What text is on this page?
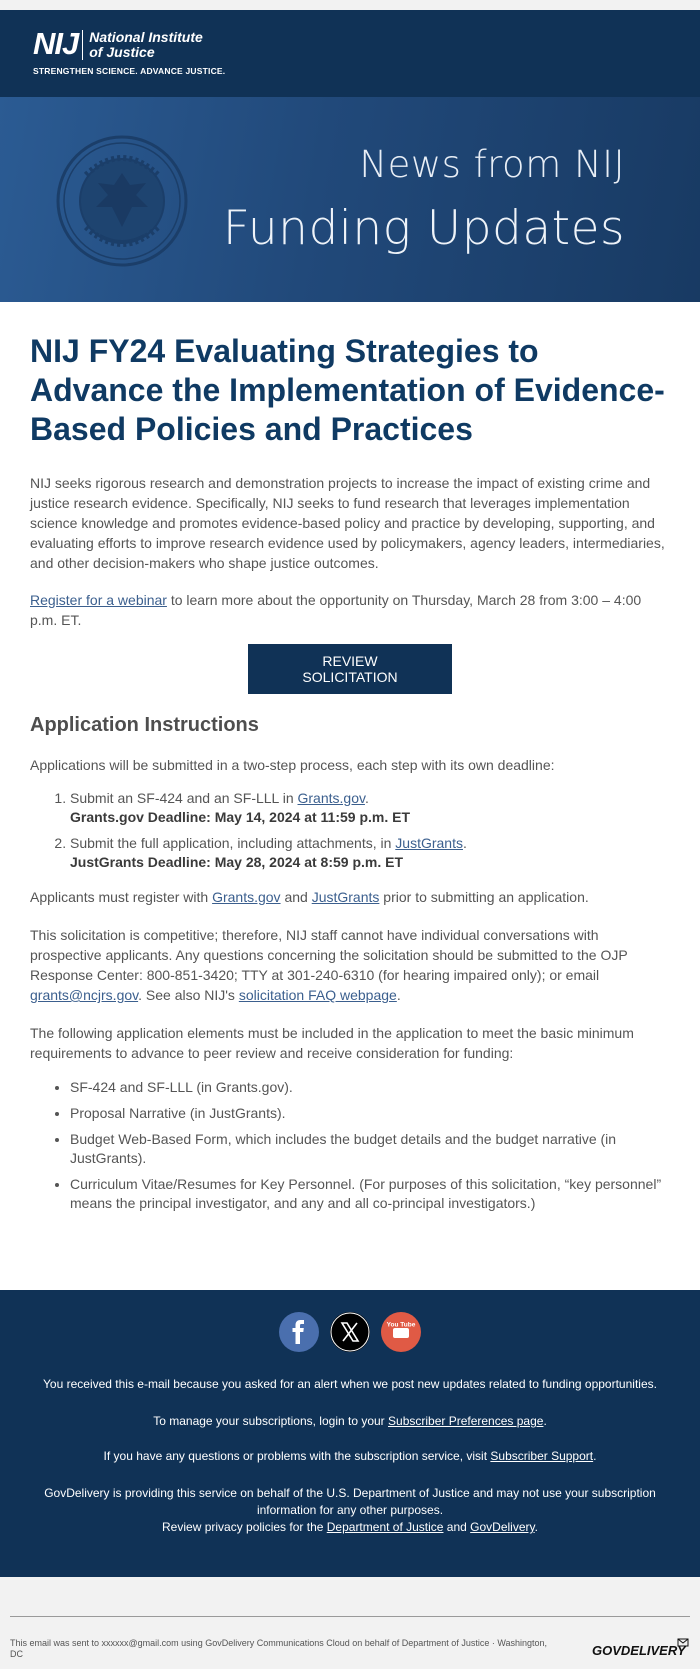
NIJ National Institute
of Justice
STRENGTHEN SCIENCE. ADVANCE JUSTICE.
News from NIJ
Funding Updates
NIJ FY24 Evaluating Strategies to Advance the Implementation of Evidence-Based Policies and Practices

NIJ seeks rigorous research and demonstration projects to increase the impact of existing crime and justice research evidence. Specifically, NIJ seeks to fund research that leverages implementation science knowledge and promotes evidence-based policy and practice by developing, supporting, and evaluating efforts to improve research evidence used by policymakers, agency leaders, intermediaries, and other decision-makers who shape justice outcomes.

Register for a webinar to learn more about the opportunity on Thursday, March 28 from 3:00 – 4:00 p.m. ET.

REVIEW SOLICITATION
Application Instructions

Applications will be submitted in a two-step process, each step with its own deadline:

1. Submit an SF-424 and an SF-LLL in Grants.gov.
Grants.gov Deadline: May 14, 2024 at 11:59 p.m. ET
2. Submit the full application, including attachments, in JustGrants.
JustGrants Deadline: May 28, 2024 at 8:59 p.m. ET

Applicants must register with Grants.gov and JustGrants prior to submitting an application.

This solicitation is competitive; therefore, NIJ staff cannot have individual conversations with prospective applicants. Any questions concerning the solicitation should be submitted to the OJP Response Center: 800-851-3420; TTY at 301-240-6310 (for hearing impaired only); or email grants@ncjrs.gov. See also NIJ's solicitation FAQ webpage.

The following application elements must be included in the application to meet the basic minimum requirements to advance to peer review and receive consideration for funding:

• SF-424 and SF-LLL (in Grants.gov).
• Proposal Narrative (in JustGrants).
• Budget Web-Based Form, which includes the budget details and the budget narrative (in JustGrants).
• Curriculum Vitae/Resumes for Key Personnel. (For purposes of this solicitation, “key personnel” means the principal investigator, and any and all co-principal investigators.)

You Tube
You received this e-mail because you asked for an alert when we post new updates related to funding opportunities.
To manage your subscriptions, login to your Subscriber Preferences page.
If you have any questions or problems with the subscription service, visit Subscriber Support.
GovDelivery is providing this service on behalf of the U.S. Department of Justice and may not use your subscription information for any other purposes.
Review privacy policies for the Department of Justice and GovDelivery.
This email was sent to xxxxxx@gmail.com using GovDelivery Communications Cloud on behalf of Department of Justice · Washington, DC	GOVDELIVERY
